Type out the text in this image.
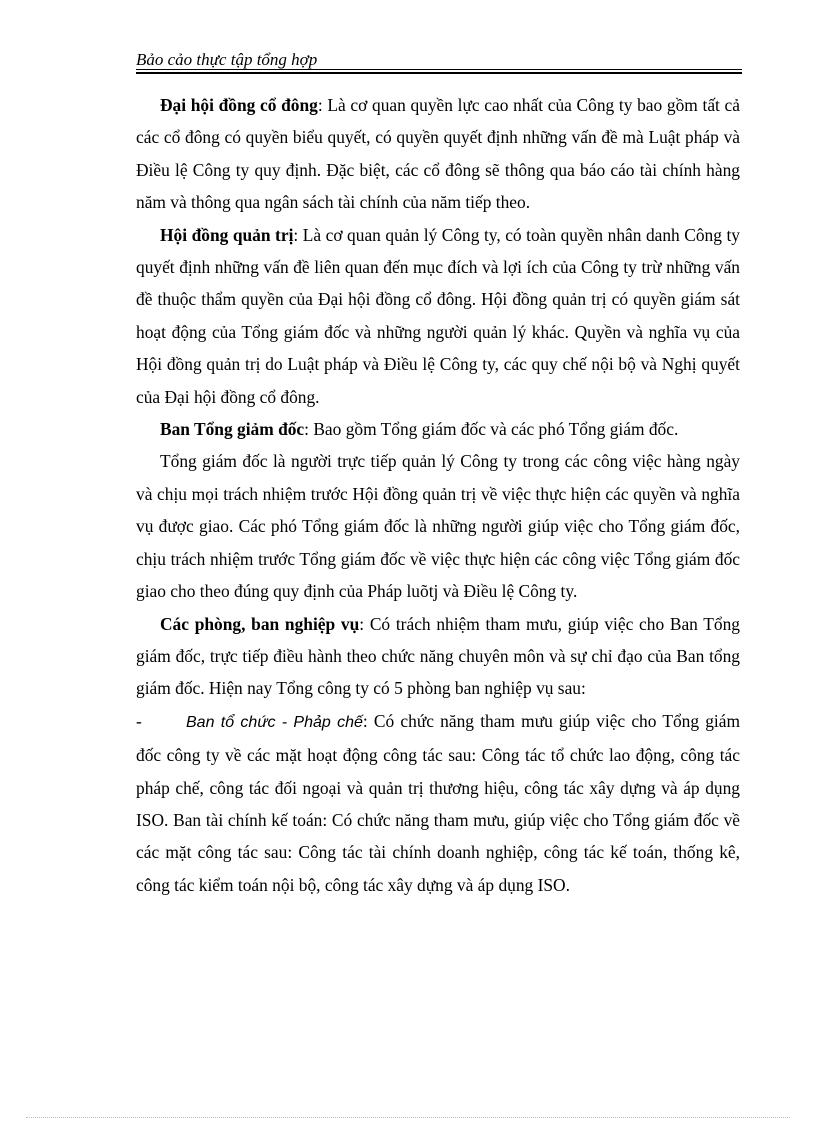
Bảo cảo thực tập tổng hợp

Đại hội đồng cổ đông: Là cơ quan quyền lực cao nhất của Công ty bao gồm tất cả các cổ đông có quyền biểu quyết, có quyền quyết định những vấn đề mà Luật pháp và Điều lệ Công ty quy định. Đặc biệt, các cổ đông sẽ thông qua báo cáo tài chính hàng năm và thông qua ngân sách tài chính của năm tiếp theo.

Hội đồng quản trị: Là cơ quan quản lý Công ty, có toàn quyền nhân danh Công ty quyết định những vấn đề liên quan đến mục đích và lợi ích của Công ty trừ những vấn đề thuộc thẩm quyền của Đại hội đồng cổ đông. Hội đồng quản trị có quyền giám sát hoạt động của Tổng giám đốc và những người quản lý khác. Quyền và nghĩa vụ của Hội đồng quản trị do Luật pháp và Điều lệ Công ty, các quy chế nội bộ và Nghị quyết của Đại hội đồng cổ đông.

Ban Tổng giảm đốc: Bao gồm Tổng giám đốc và các phó Tổng giám đốc.

Tổng giám đốc là người trực tiếp quản lý Công ty trong các công việc hàng ngày và chịu mọi trách nhiệm trước Hội đồng quản trị về việc thực hiện các quyền và nghĩa vụ được giao. Các phó Tổng giám đốc là những người giúp việc cho Tổng giám đốc, chịu trách nhiệm trước Tổng giám đốc về việc thực hiện các công việc Tổng giám đốc giao cho theo đúng quy định của Pháp luõtj và Điều lệ Công ty.

Các phòng, ban nghiệp vụ: Có trách nhiệm tham mưu, giúp việc cho Ban Tổng giám đốc, trực tiếp điều hành theo chức năng chuyên môn và sự chỉ đạo của Ban tổng giám đốc. Hiện nay Tổng công ty có 5 phòng ban nghiệp vụ sau:

-	Ban tổ chức - Phảp chế: Có chức năng tham mưu giúp việc cho Tổng giám đốc công ty về các mặt hoạt động công tác sau: Công tác tổ chức lao động, công tác pháp chế, công tác đối ngoại và quản trị thương hiệu, công tác xây dựng và áp dụng ISO. Ban tài chính kế toán: Có chức năng tham mưu, giúp việc cho Tổng giám đốc về các mặt công tác sau: Công tác tài chính doanh nghiệp, công tác kế toán, thống kê, công tác kiểm toán nội bộ, công tác xây dựng và áp dụng ISO.
